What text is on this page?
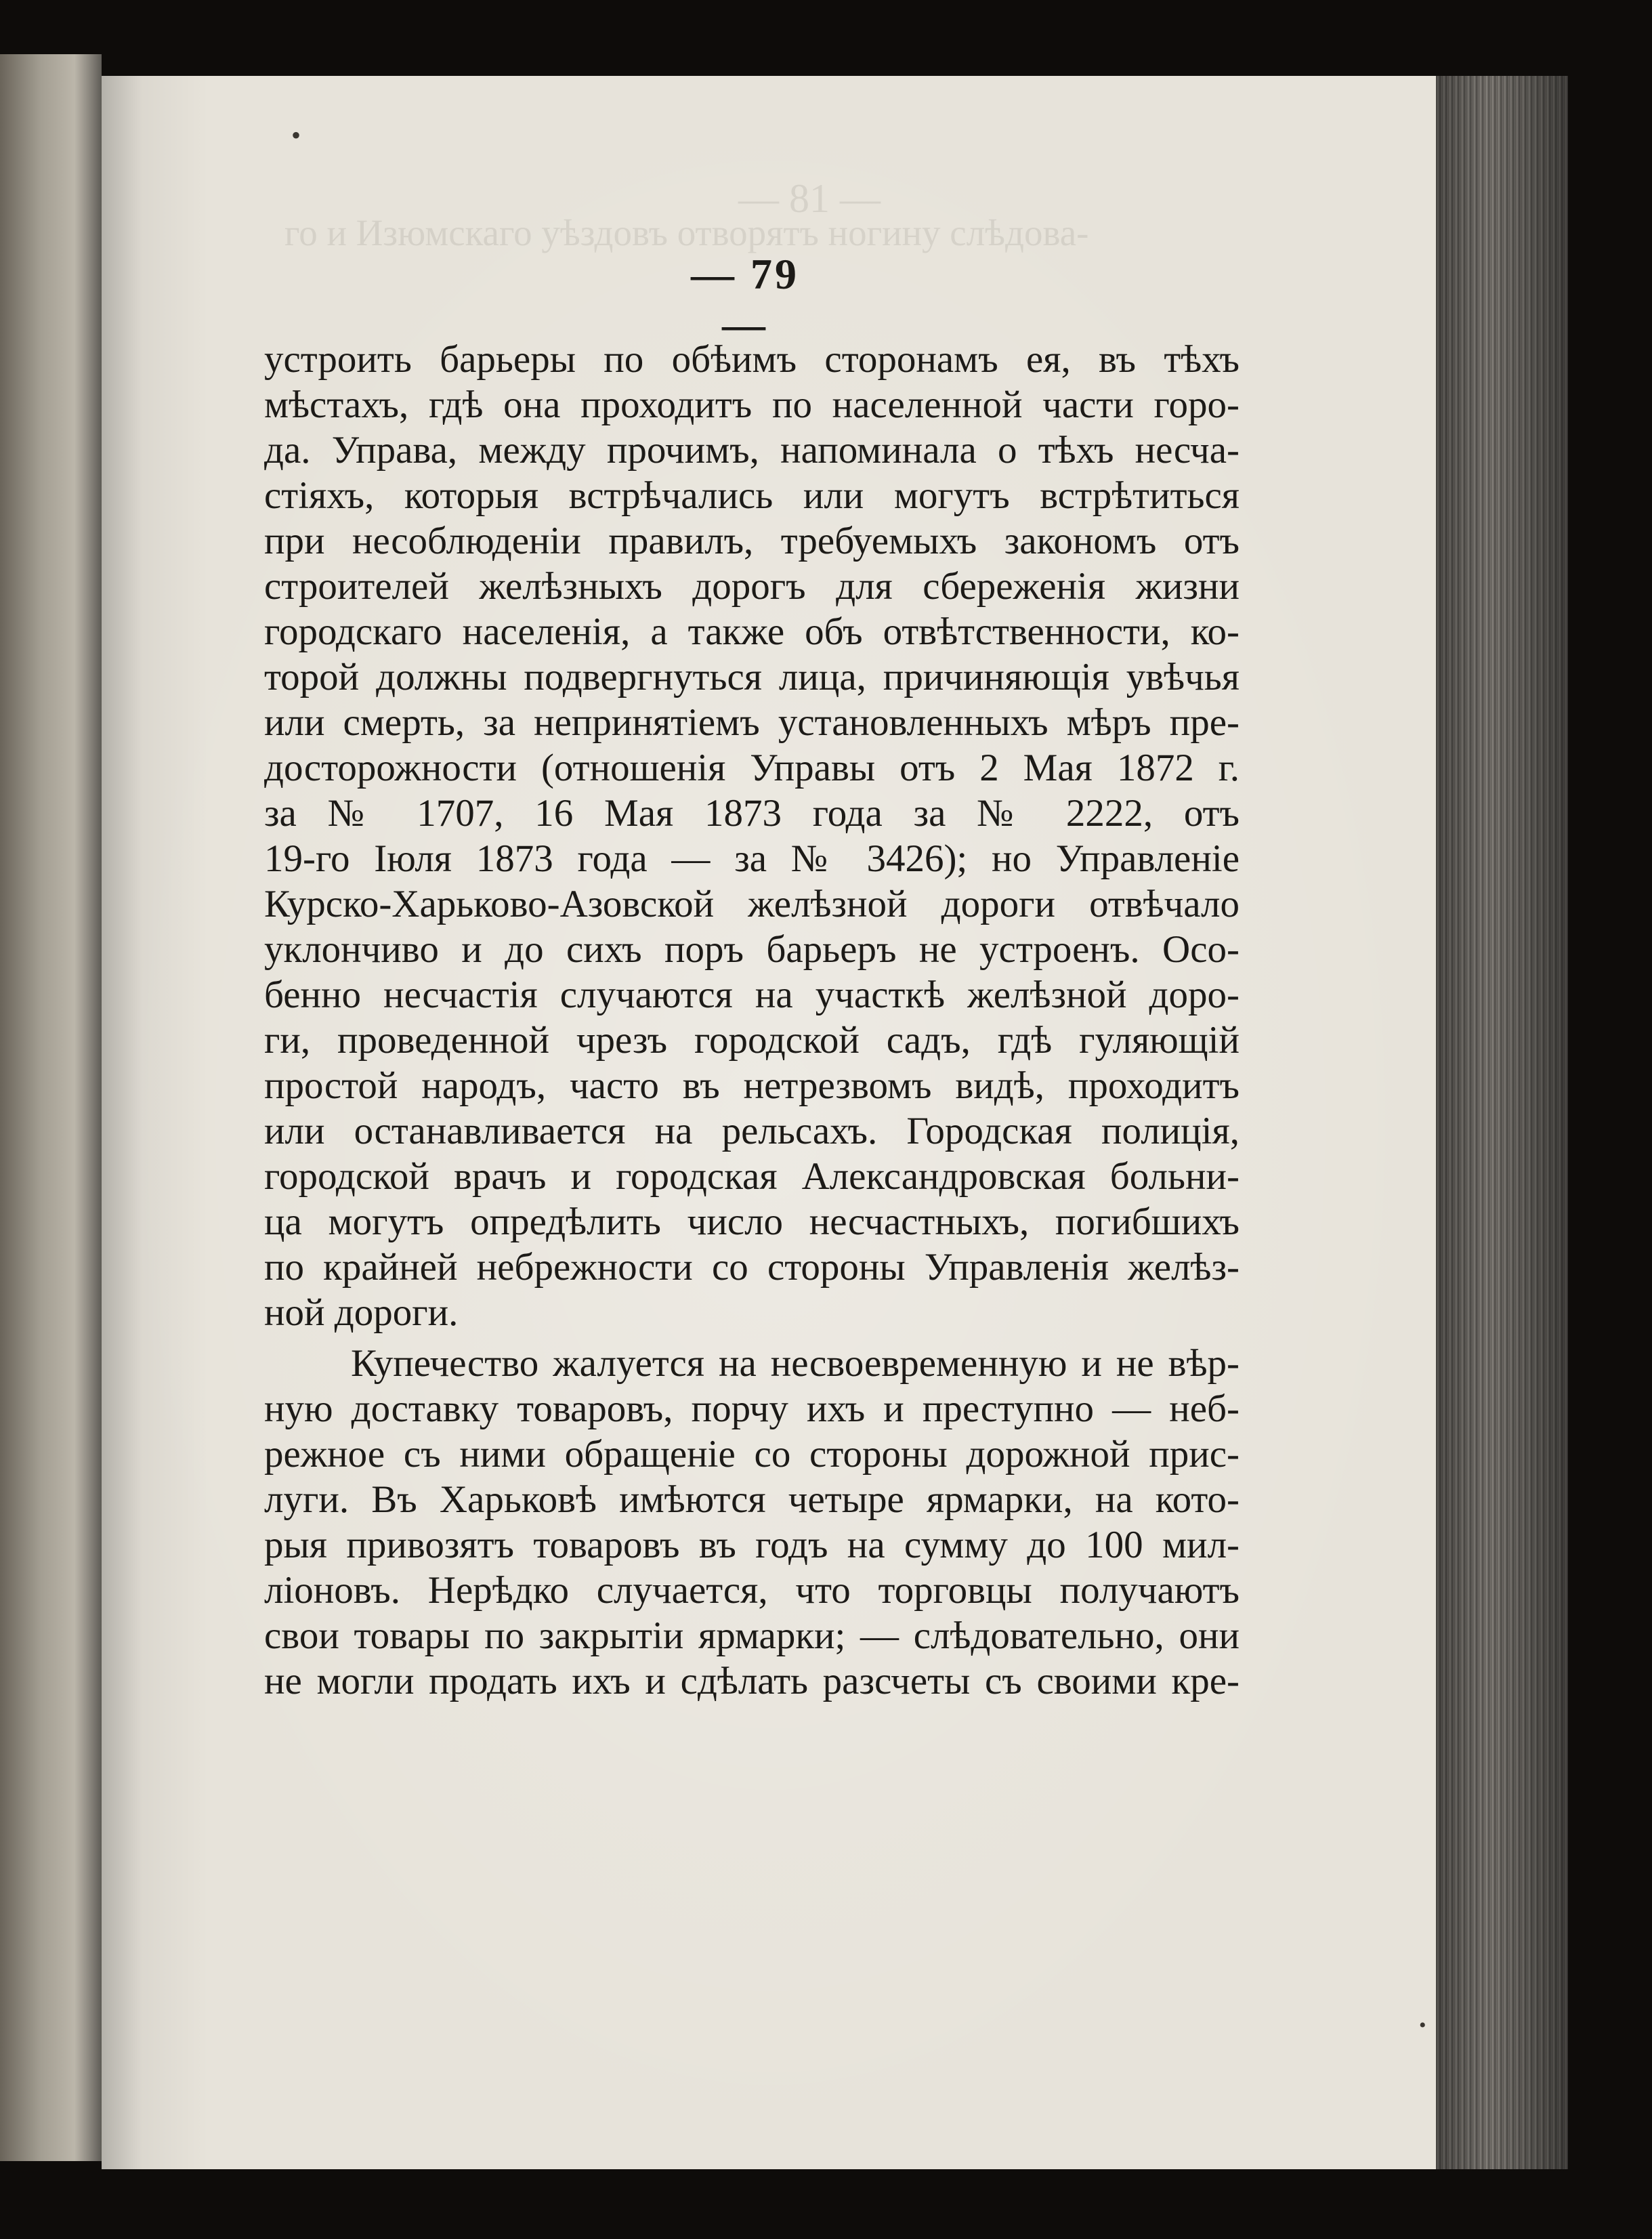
•
— 79 —
устроить барьеры по обѣимъ сторонамъ ея, въ тѣхъ
мѣстахъ, гдѣ она проходитъ по населенной части горо-
да. Управа, между прочимъ, напоминала о тѣхъ несча-
стіяхъ, которыя встрѣчались или могутъ встрѣтиться
при несоблюденіи правилъ, требуемыхъ закономъ отъ
строителей желѣзныхъ дорогъ для сбереженія жизни
городскаго населенія, а также объ отвѣтственности, ко-
торой должны подвергнуться лица, причиняющія увѣчья
или смерть, за непринятіемъ установленныхъ мѣръ пре-
досторожности (отношенія Управы отъ 2 Мая 1872 г.
за № 1707, 16 Мая 1873 года за № 2222, отъ
19-го Іюля 1873 года — за № 3426); но Управленіе
Курско-Харьково-Азовской желѣзной дороги отвѣчало
уклончиво и до сихъ поръ барьеръ не устроенъ. Осо-
бенно несчастія случаются на участкѣ желѣзной доро-
ги, проведенной чрезъ городской садъ, гдѣ гуляющій
простой народъ, часто въ нетрезвомъ видѣ, проходитъ
или останавливается на рельсахъ. Городская полиція,
городской врачъ и городская Александровская больни-
ца могутъ опредѣлить число несчастныхъ, погибшихъ
по крайней небрежности со стороны Управленія желѣз-
ной дороги.
Купечество жалуется на несвоевременную и не вѣр-
ную доставку товаровъ, порчу ихъ и преступно — неб-
режное съ ними обращеніе со стороны дорожной прис-
луги. Въ Харьковѣ имѣются четыре ярмарки, на кото-
рыя привозятъ товаровъ въ годъ на сумму до 100 мил-
ліоновъ. Нерѣдко случается, что торговцы получаютъ
свои товары по закрытіи ярмарки; — слѣдовательно, они
не могли продать ихъ и сдѣлать разсчеты съ своими кре-
•
